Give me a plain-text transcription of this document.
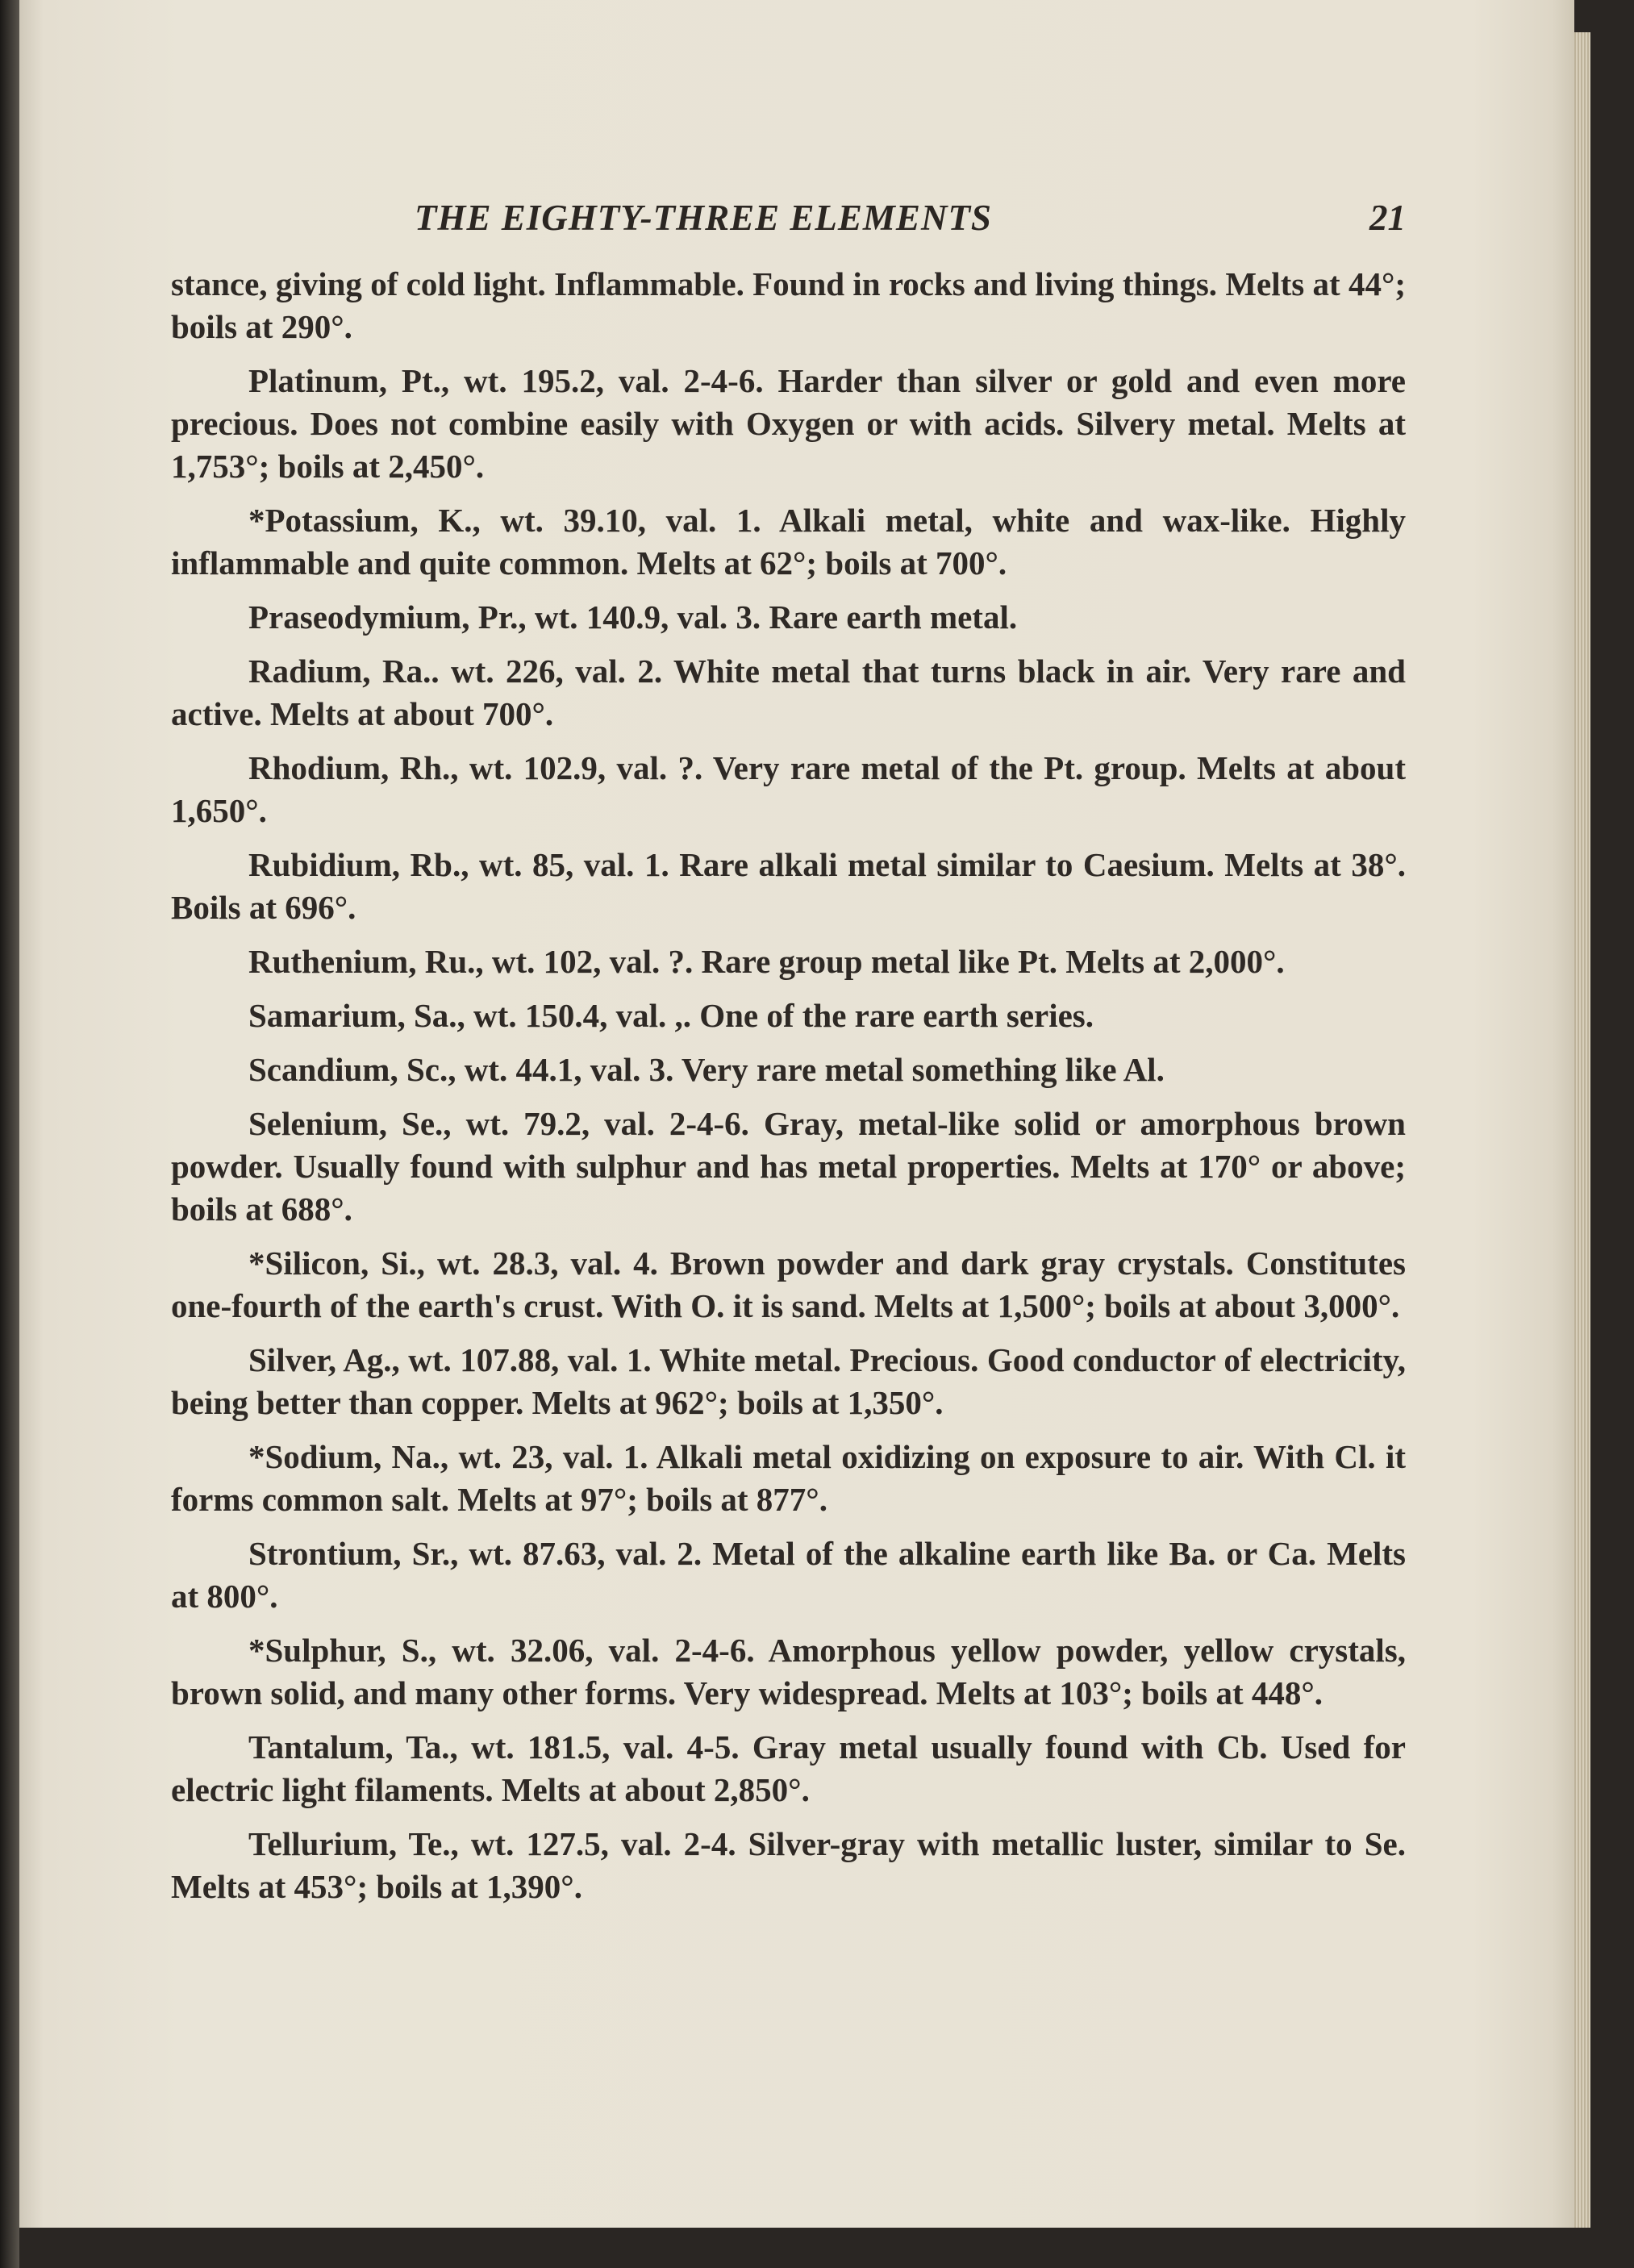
THE EIGHTY-THREE ELEMENTS	21

stance, giving of cold light. Inflammable. Found in rocks and living things. Melts at 44°; boils at 290°.

Platinum, Pt., wt. 195.2, val. 2-4-6. Harder than silver or gold and even more precious. Does not combine easily with Oxygen or with acids. Silvery metal. Melts at 1,753°; boils at 2,450°.

*Potassium, K., wt. 39.10, val. 1. Alkali metal, white and wax-like. Highly inflammable and quite common. Melts at 62°; boils at 700°.

Praseodymium, Pr., wt. 140.9, val. 3. Rare earth metal.

Radium, Ra.. wt. 226, val. 2. White metal that turns black in air. Very rare and active. Melts at about 700°.

Rhodium, Rh., wt. 102.9, val. ?. Very rare metal of the Pt. group. Melts at about 1,650°.

Rubidium, Rb., wt. 85, val. 1. Rare alkali metal similar to Caesium. Melts at 38°. Boils at 696°.

Ruthenium, Ru., wt. 102, val. ?. Rare group metal like Pt. Melts at 2,000°.

Samarium, Sa., wt. 150.4, val. ,. One of the rare earth series.

Scandium, Sc., wt. 44.1, val. 3. Very rare metal something like Al.

Selenium, Se., wt. 79.2, val. 2-4-6. Gray, metal-like solid or amorphous brown powder. Usually found with sulphur and has metal properties. Melts at 170° or above; boils at 688°.

*Silicon, Si., wt. 28.3, val. 4. Brown powder and dark gray crystals. Constitutes one-fourth of the earth's crust. With O. it is sand. Melts at 1,500°; boils at about 3,000°.

Silver, Ag., wt. 107.88, val. 1. White metal. Precious. Good conductor of electricity, being better than copper. Melts at 962°; boils at 1,350°.

*Sodium, Na., wt. 23, val. 1. Alkali metal oxidizing on exposure to air. With Cl. it forms common salt. Melts at 97°; boils at 877°.

Strontium, Sr., wt. 87.63, val. 2. Metal of the alkaline earth like Ba. or Ca. Melts at 800°.

*Sulphur, S., wt. 32.06, val. 2-4-6. Amorphous yellow powder, yellow crystals, brown solid, and many other forms. Very widespread. Melts at 103°; boils at 448°.

Tantalum, Ta., wt. 181.5, val. 4-5. Gray metal usually found with Cb. Used for electric light filaments. Melts at about 2,850°.

Tellurium, Te., wt. 127.5, val. 2-4. Silver-gray with metallic luster, similar to Se. Melts at 453°; boils at 1,390°.
